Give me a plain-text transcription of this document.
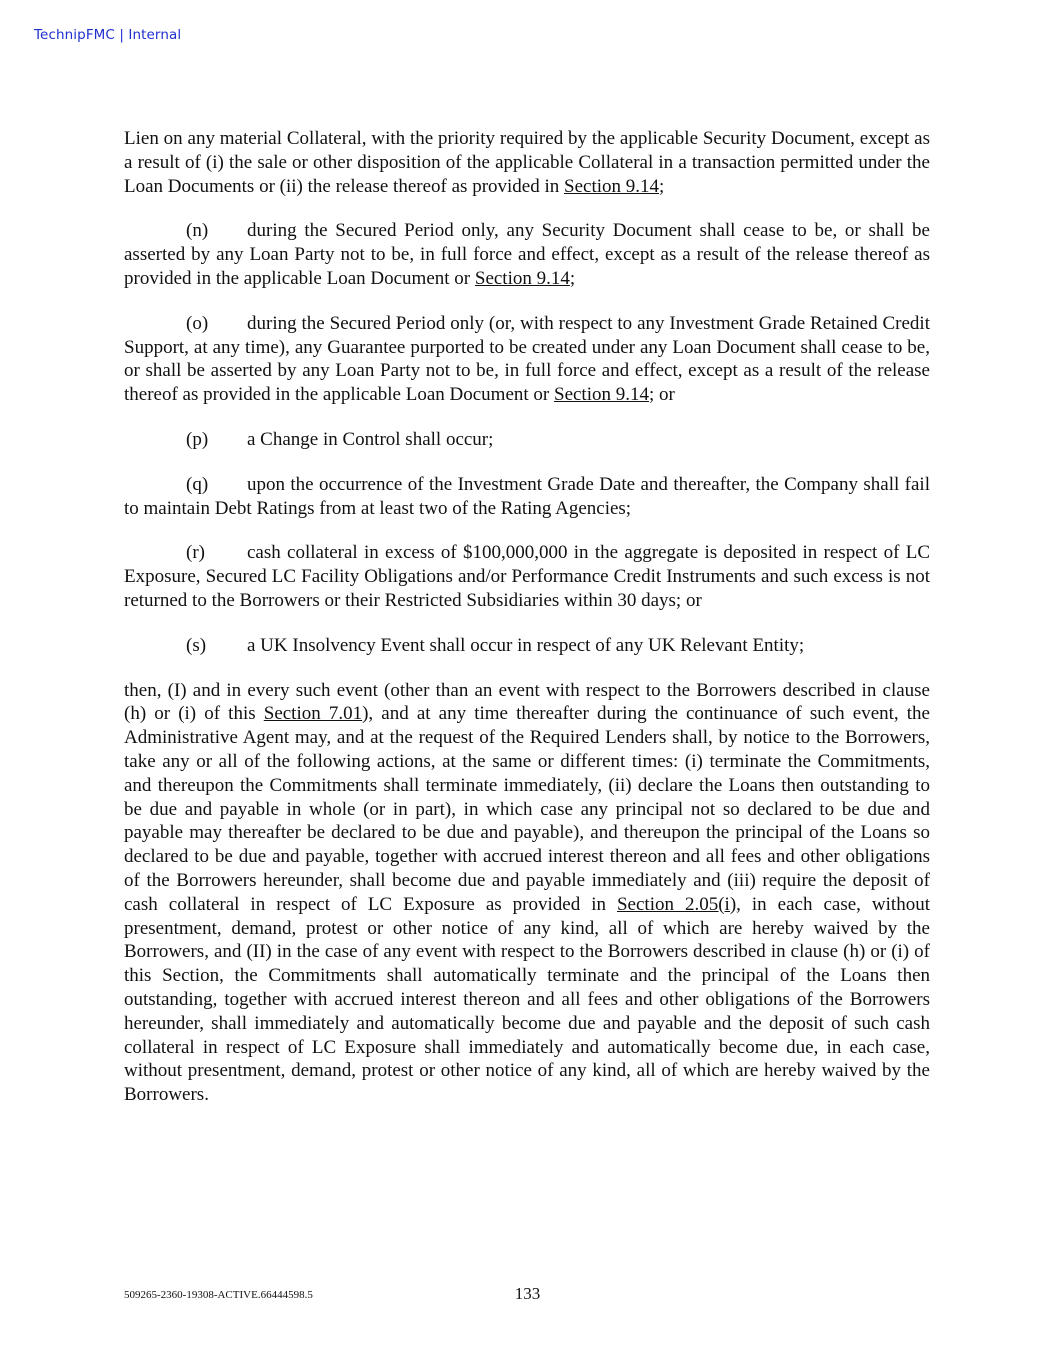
TechnipFMC | Internal

Lien on any material Collateral, with the priority required by the applicable Security Document, except as a result of (i) the sale or other disposition of the applicable Collateral in a transaction permitted under the Loan Documents or (ii) the release thereof as provided in Section 9.14;

(n) during the Secured Period only, any Security Document shall cease to be, or shall be asserted by any Loan Party not to be, in full force and effect, except as a result of the release thereof as provided in the applicable Loan Document or Section 9.14;

(o) during the Secured Period only (or, with respect to any Investment Grade Retained Credit Support, at any time), any Guarantee purported to be created under any Loan Document shall cease to be, or shall be asserted by any Loan Party not to be, in full force and effect, except as a result of the release thereof as provided in the applicable Loan Document or Section 9.14; or

(p) a Change in Control shall occur;

(q) upon the occurrence of the Investment Grade Date and thereafter, the Company shall fail to maintain Debt Ratings from at least two of the Rating Agencies;

(r) cash collateral in excess of $100,000,000 in the aggregate is deposited in respect of LC Exposure, Secured LC Facility Obligations and/or Performance Credit Instruments and such excess is not returned to the Borrowers or their Restricted Subsidiaries within 30 days; or

(s) a UK Insolvency Event shall occur in respect of any UK Relevant Entity;

then, (I) and in every such event (other than an event with respect to the Borrowers described in clause (h) or (i) of this Section 7.01), and at any time thereafter during the continuance of such event, the Administrative Agent may, and at the request of the Required Lenders shall, by notice to the Borrowers, take any or all of the following actions, at the same or different times: (i) terminate the Commitments, and thereupon the Commitments shall terminate immediately, (ii) declare the Loans then outstanding to be due and payable in whole (or in part), in which case any principal not so declared to be due and payable may thereafter be declared to be due and payable), and thereupon the principal of the Loans so declared to be due and payable, together with accrued interest thereon and all fees and other obligations of the Borrowers hereunder, shall become due and payable immediately and (iii) require the deposit of cash collateral in respect of LC Exposure as provided in Section 2.05(i), in each case, without presentment, demand, protest or other notice of any kind, all of which are hereby waived by the Borrowers, and (II) in the case of any event with respect to the Borrowers described in clause (h) or (i) of this Section, the Commitments shall automatically terminate and the principal of the Loans then outstanding, together with accrued interest thereon and all fees and other obligations of the Borrowers hereunder, shall immediately and automatically become due and payable and the deposit of such cash collateral in respect of LC Exposure shall immediately and automatically become due, in each case, without presentment, demand, protest or other notice of any kind, all of which are hereby waived by the Borrowers.

509265-2360-19308-ACTIVE.66444598.5	133
